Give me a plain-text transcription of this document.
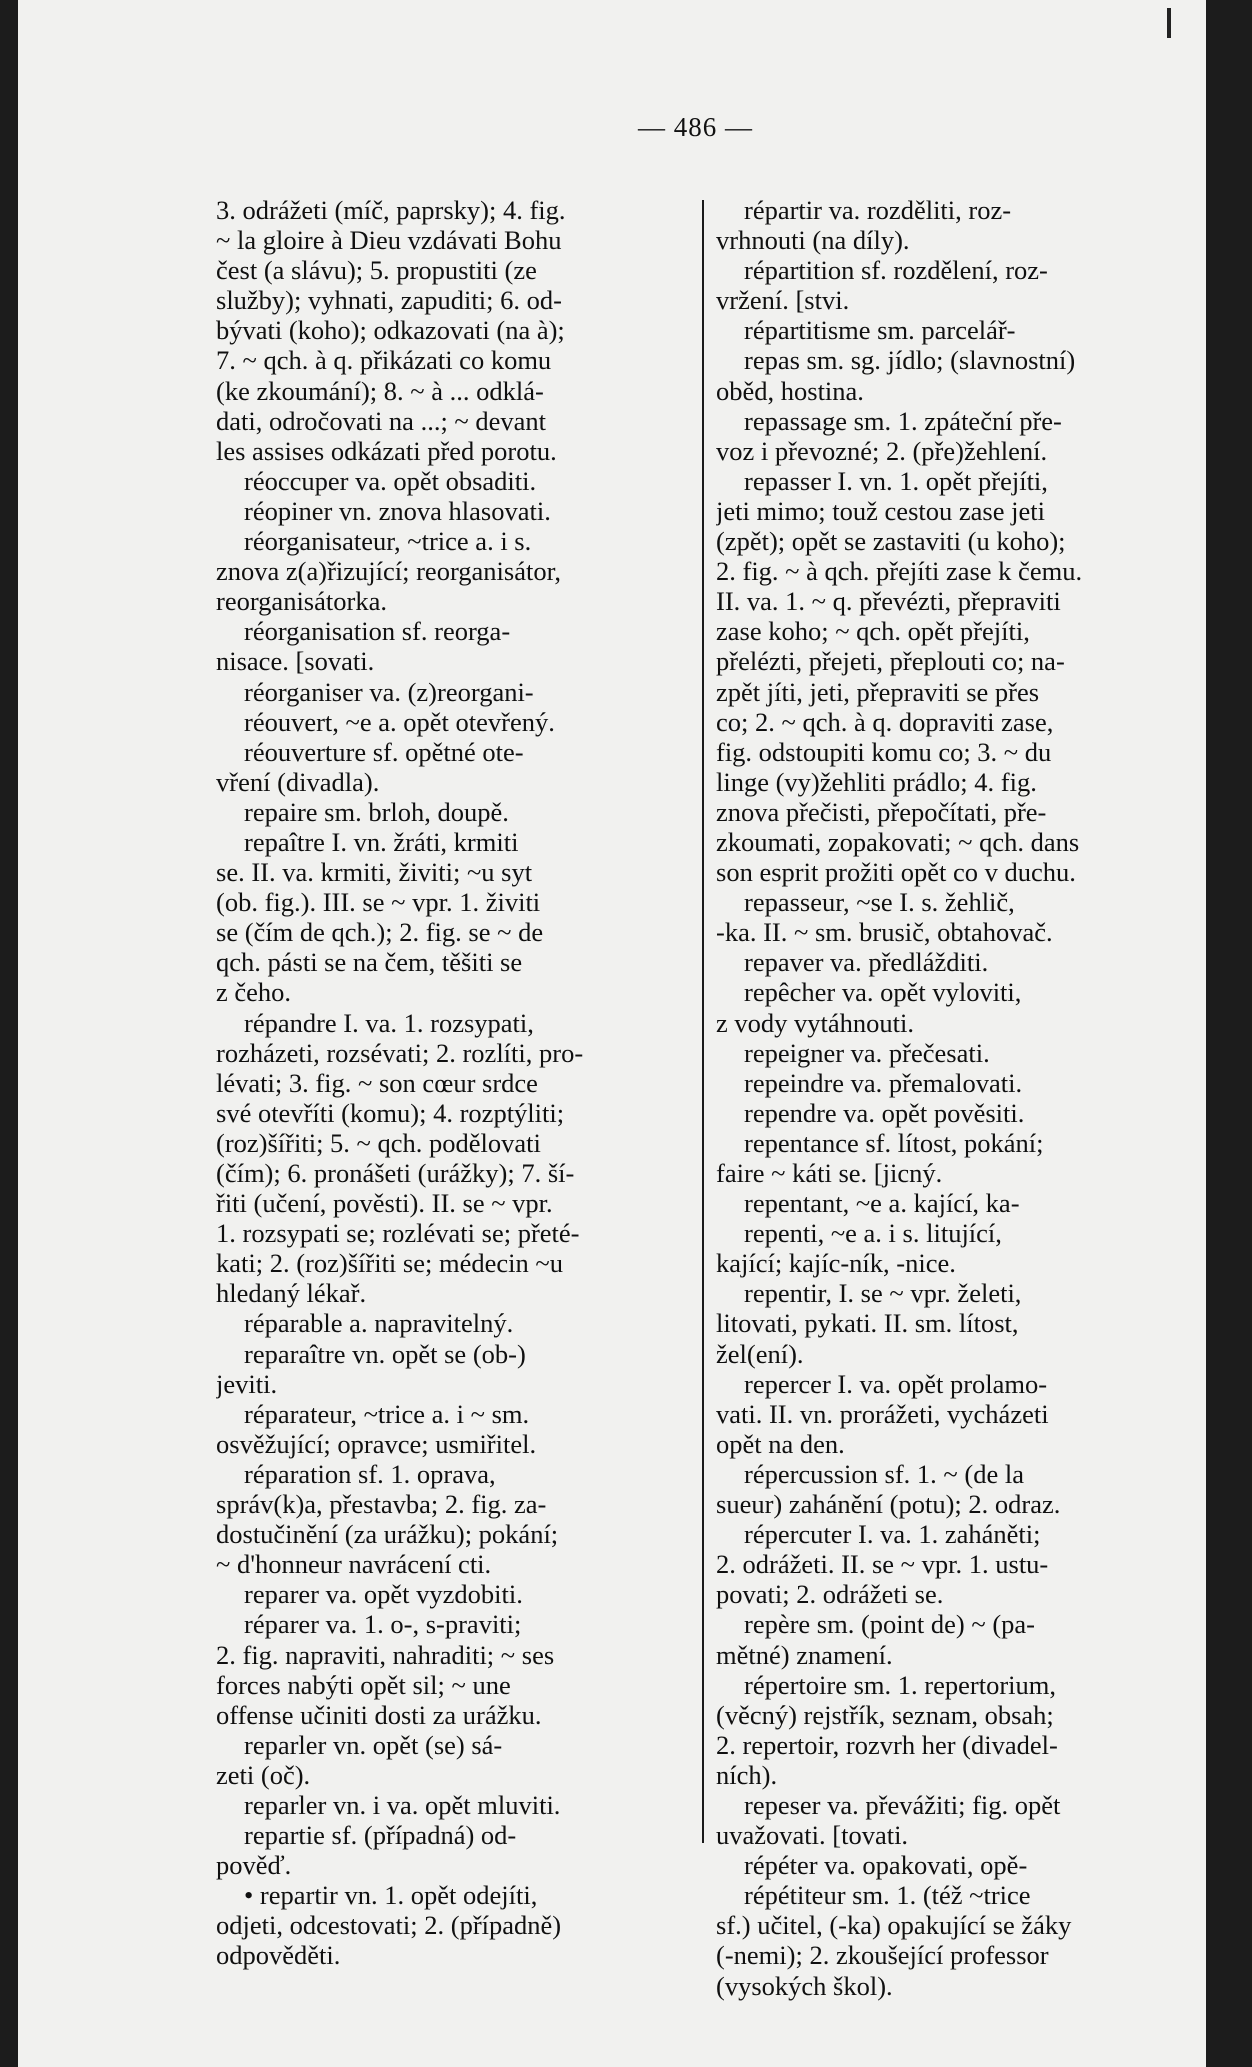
— 486 —
3. odrážeti (míč, paprsky); 4. fig.
~ la gloire à Dieu vzdávati Bohu
čest (a slávu); 5. propustiti (ze
služby); vyhnati, zapuditi; 6. od-
bývati (koho); odkazovati (na à);
7. ~ qch. à q. přikázati co komu
(ke zkoumání); 8. ~ à ... odklá-
dati, odročovati na ...; ~ devant
les assises odkázati před porotu.
réoccuper va. opět obsaditi.
réopiner vn. znova hlasovati.
réorganisateur, ~trice a. i s.
znova z(a)řizující; reorganisátor,
reorganisátorka.
réorganisation sf. reorga-
nisace. [sovati.
réorganiser va. (z)reorgani-
réouvert, ~e a. opět otevřený.
réouverture sf. opětné ote-
vření (divadla).
repaire sm. brloh, doupě.
repaître I. vn. žráti, krmiti
se. II. va. krmiti, živiti; ~u syt
(ob. fig.). III. se ~ vpr. 1. živiti
se (čím de qch.); 2. fig. se ~ de
qch. pásti se na čem, těšiti se
z čeho.
répandre I. va. 1. rozsypati,
rozházeti, rozsévati; 2. rozlíti, pro-
lévati; 3. fig. ~ son cœur srdce
své otevříti (komu); 4. rozptýliti;
(roz)šířiti; 5. ~ qch. podělovati
(čím); 6. pronášeti (urážky); 7. ší-
řiti (učení, pověsti). II. se ~ vpr.
1. rozsypati se; rozlévati se; přeté-
kati; 2. (roz)šířiti se; médecin ~u
hledaný lékař.
réparable a. napravitelný.
reparaître vn. opět se (ob-)
jeviti.
réparateur, ~trice a. i ~ sm.
osvěžující; opravce; usmiřitel.
réparation sf. 1. oprava,
správ(k)a, přestavba; 2. fig. za-
dostučinění (za urážku); pokání;
~ d'honneur navrácení cti.
reparer va. opět vyzdobiti.
réparer va. 1. o-, s-praviti;
2. fig. napraviti, nahraditi; ~ ses
forces nabýti opět sil; ~ une
offense učiniti dosti za urážku.
reparler vn. opět (se) sá-
zeti (oč).
reparler vn. i va. opět mluviti.
repartie sf. (případná) od-
pověď.
• repartir vn. 1. opět odejíti,
odjeti, odcestovati; 2. (případně)
odpověděti.
répartir va. rozděliti, roz-
vrhnouti (na díly).
répartition sf. rozdělení, roz-
vržení. [stvi.
répartitisme sm. parcelář-
repas sm. sg. jídlo; (slavnostní)
oběd, hostina.
repassage sm. 1. zpáteční pře-
voz i převozné; 2. (pře)žehlení.
repasser I. vn. 1. opět přejíti,
jeti mimo; touž cestou zase jeti
(zpět); opět se zastaviti (u koho);
2. fig. ~ à qch. přejíti zase k čemu.
II. va. 1. ~ q. převézti, přepraviti
zase koho; ~ qch. opět přejíti,
přelézti, přejeti, přeplouti co; na-
zpět jíti, jeti, přepraviti se přes
co; 2. ~ qch. à q. dopraviti zase,
fig. odstoupiti komu co; 3. ~ du
linge (vy)žehliti prádlo; 4. fig.
znova přečisti, přepočítati, pře-
zkoumati, zopakovati; ~ qch. dans
son esprit prožiti opět co v duchu.
repasseur, ~se I. s. žehlič,
-ka. II. ~ sm. brusič, obtahovač.
repaver va. předlážditi.
repêcher va. opět vyloviti,
z vody vytáhnouti.
repeigner va. přečesati.
repeindre va. přemalovati.
rependre va. opět pověsiti.
repentance sf. lítost, pokání;
faire ~ káti se. [jicný.
repentant, ~e a. kající, ka-
repenti, ~e a. i s. litující,
kající; kajíc-ník, -nice.
repentir, I. se ~ vpr. želeti,
litovati, pykati. II. sm. lítost,
žel(ení).
repercer I. va. opět prolamo-
vati. II. vn. prorážeti, vycházeti
opět na den.
répercussion sf. 1. ~ (de la
sueur) zahánění (potu); 2. odraz.
répercuter I. va. 1. zaháněti;
2. odrážeti. II. se ~ vpr. 1. ustu-
povati; 2. odrážeti se.
repère sm. (point de) ~ (pa-
mětné) znamení.
répertoire sm. 1. repertorium,
(věcný) rejstřík, seznam, obsah;
2. repertoir, rozvrh her (divadel-
ních).
repeser va. převážiti; fig. opět
uvažovati. [tovati.
répéter va. opakovati, opě-
répétiteur sm. 1. (též ~trice
sf.) učitel, (-ka) opakující se žáky
(-nemi); 2. zkoušející professor
(vysokých škol).
